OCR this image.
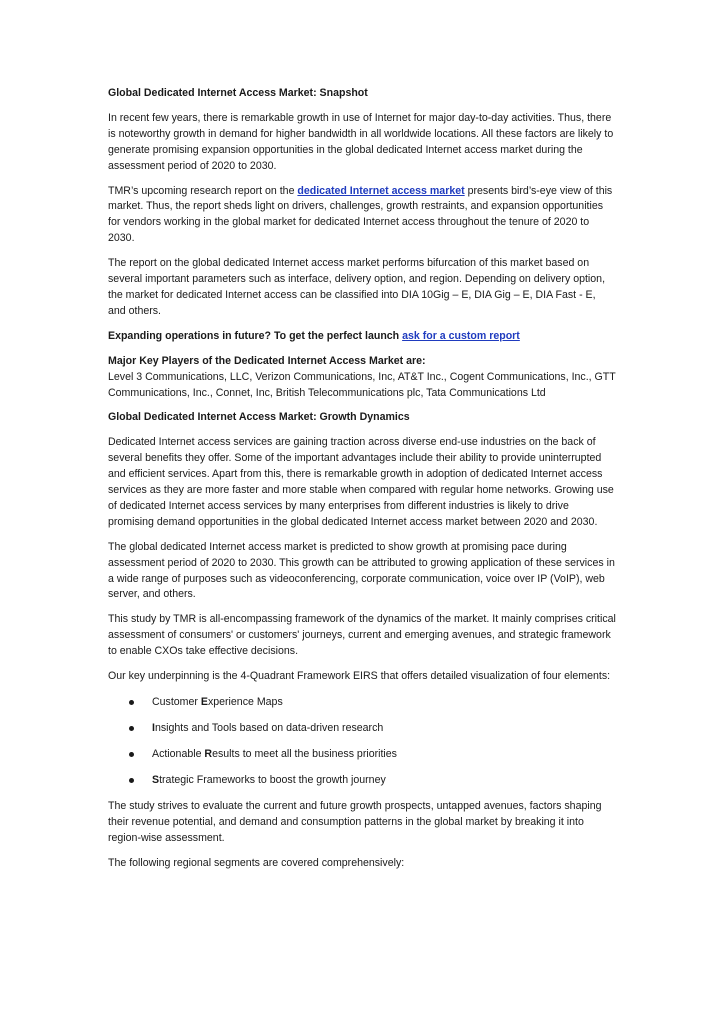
Global Dedicated Internet Access Market: Snapshot

In recent few years, there is remarkable growth in use of Internet for major day-to-day activities. Thus, there is noteworthy growth in demand for higher bandwidth in all worldwide locations. All these factors are likely to generate promising expansion opportunities in the global dedicated Internet access market during the assessment period of 2020 to 2030.

TMR’s upcoming research report on the dedicated Internet access market presents bird’s-eye view of this market. Thus, the report sheds light on drivers, challenges, growth restraints, and expansion opportunities for vendors working in the global market for dedicated Internet access throughout the tenure of 2020 to 2030.

The report on the global dedicated Internet access market performs bifurcation of this market based on several important parameters such as interface, delivery option, and region. Depending on delivery option, the market for dedicated Internet access can be classified into DIA 10Gig – E, DIA Gig – E, DIA Fast - E, and others.

Expanding operations in future? To get the perfect launch ask for a custom report

Major Key Players of the Dedicated Internet Access Market are:
Level 3 Communications, LLC, Verizon Communications, Inc, AT&T Inc., Cogent Communications, Inc., GTT Communications, Inc., Connet, Inc, British Telecommunications plc, Tata Communications Ltd

Global Dedicated Internet Access Market: Growth Dynamics

Dedicated Internet access services are gaining traction across diverse end-use industries on the back of several benefits they offer. Some of the important advantages include their ability to provide uninterrupted and efficient services. Apart from this, there is remarkable growth in adoption of dedicated Internet access services as they are more faster and more stable when compared with regular home networks. Growing use of dedicated Internet access services by many enterprises from different industries is likely to drive promising demand opportunities in the global dedicated Internet access market between 2020 and 2030.

The global dedicated Internet access market is predicted to show growth at promising pace during assessment period of 2020 to 2030. This growth can be attributed to growing application of these services in a wide range of purposes such as videoconferencing, corporate communication, voice over IP (VoIP), web server, and others.

This study by TMR is all-encompassing framework of the dynamics of the market. It mainly comprises critical assessment of consumers' or customers' journeys, current and emerging avenues, and strategic framework to enable CXOs take effective decisions.

Our key underpinning is the 4-Quadrant Framework EIRS that offers detailed visualization of four elements:

Customer Experience Maps
Insights and Tools based on data-driven research
Actionable Results to meet all the business priorities
Strategic Frameworks to boost the growth journey

The study strives to evaluate the current and future growth prospects, untapped avenues, factors shaping their revenue potential, and demand and consumption patterns in the global market by breaking it into region-wise assessment.

The following regional segments are covered comprehensively:
